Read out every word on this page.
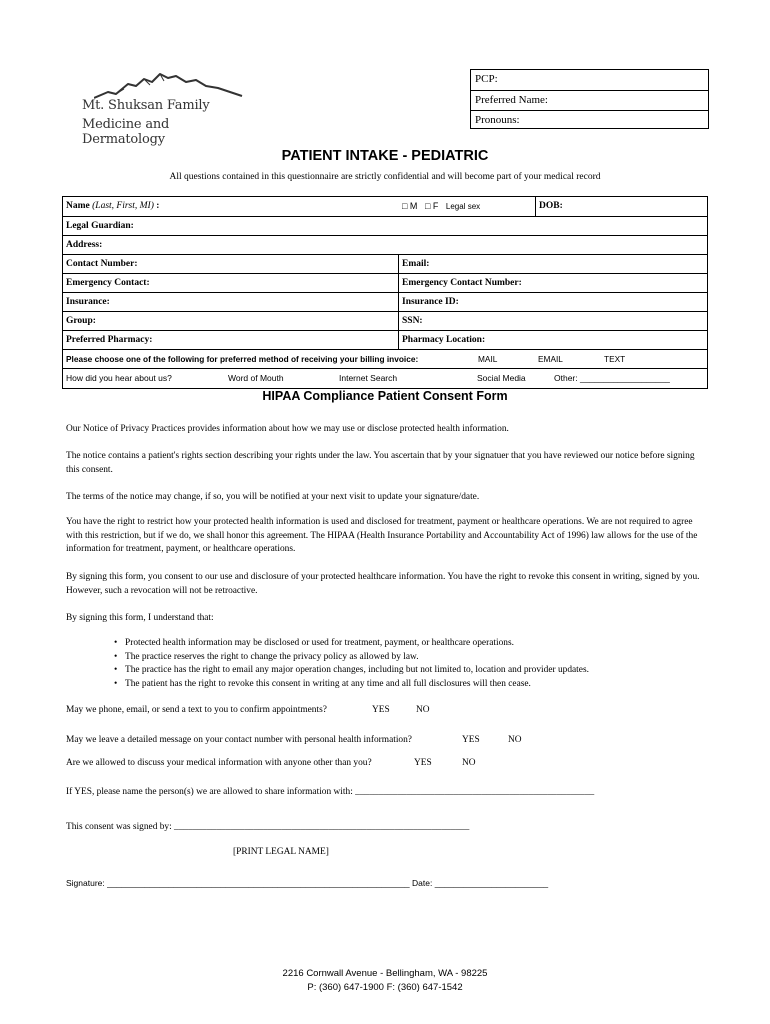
Mt. Shuksan Family
Medicine and Dermatology
PCP:
Preferred Name:
Pronouns:
PATIENT INTAKE - PEDIATRIC
All questions contained in this questionnaire are strictly confidential and will become part of your medical record
Name (Last, First, MI) :	□ M □ F Legal sex	DOB:
Legal Guardian:
Address:
Contact Number:	Email:
Emergency Contact:	Emergency Contact Number:
Insurance:	Insurance ID:
Group:	SSN:
Preferred Pharmacy:	Pharmacy Location:
Please choose one of the following for preferred method of receiving your billing invoice:	MAIL	EMAIL	TEXT
How did you hear about us?	Word of Mouth	Internet Search	Social Media	Other: ___________________
HIPAA Compliance Patient Consent Form
Our Notice of Privacy Practices provides information about how we may use or disclose protected health information.
The notice contains a patient's rights section describing your rights under the law. You ascertain that by your signatuer that you have reviewed our notice before signing this consent.
The terms of the notice may change, if so, you will be notified at your next visit to update your signature/date.
You have the right to restrict how your protected health information is used and disclosed for treatment, payment or healthcare operations. We are not required to agree with this restriction, but if we do, we shall honor this agreement. The HIPAA (Health Insurance Portability and Accountability Act of 1996) law allows for the use of the information for treatment, payment, or healthcare operations.
By signing this form, you consent to our use and disclosure of your protected healthcare information. You have the right to revoke this consent in writing, signed by you. However, such a revocation will not be retroactive.
By signing this form, I understand that:
• Protected health information may be disclosed or used for treatment, payment, or healthcare operations.
• The practice reserves the right to change the privacy policy as allowed by law.
• The practice has the right to email any major operation changes, including but not limited to, location and provider updates.
• The patient has the right to revoke this consent in writing at any time and all full disclosures will then cease.
May we phone, email, or send a text to you to confirm appointments?	YES	NO
May we leave a detailed message on your contact number with personal health information?	YES	NO
Are we allowed to discuss your medical information with anyone other than you?	YES	NO
If YES, please name the person(s) we are allowed to share information with: ___________________________________________________
This consent was signed by: _______________________________________________________________
[PRINT LEGAL NAME]
Signature: ________________________________________________________________ Date: ________________________
2216 Cornwall Avenue - Bellingham, WA - 98225
P: (360) 647-1900 F: (360) 647-1542
